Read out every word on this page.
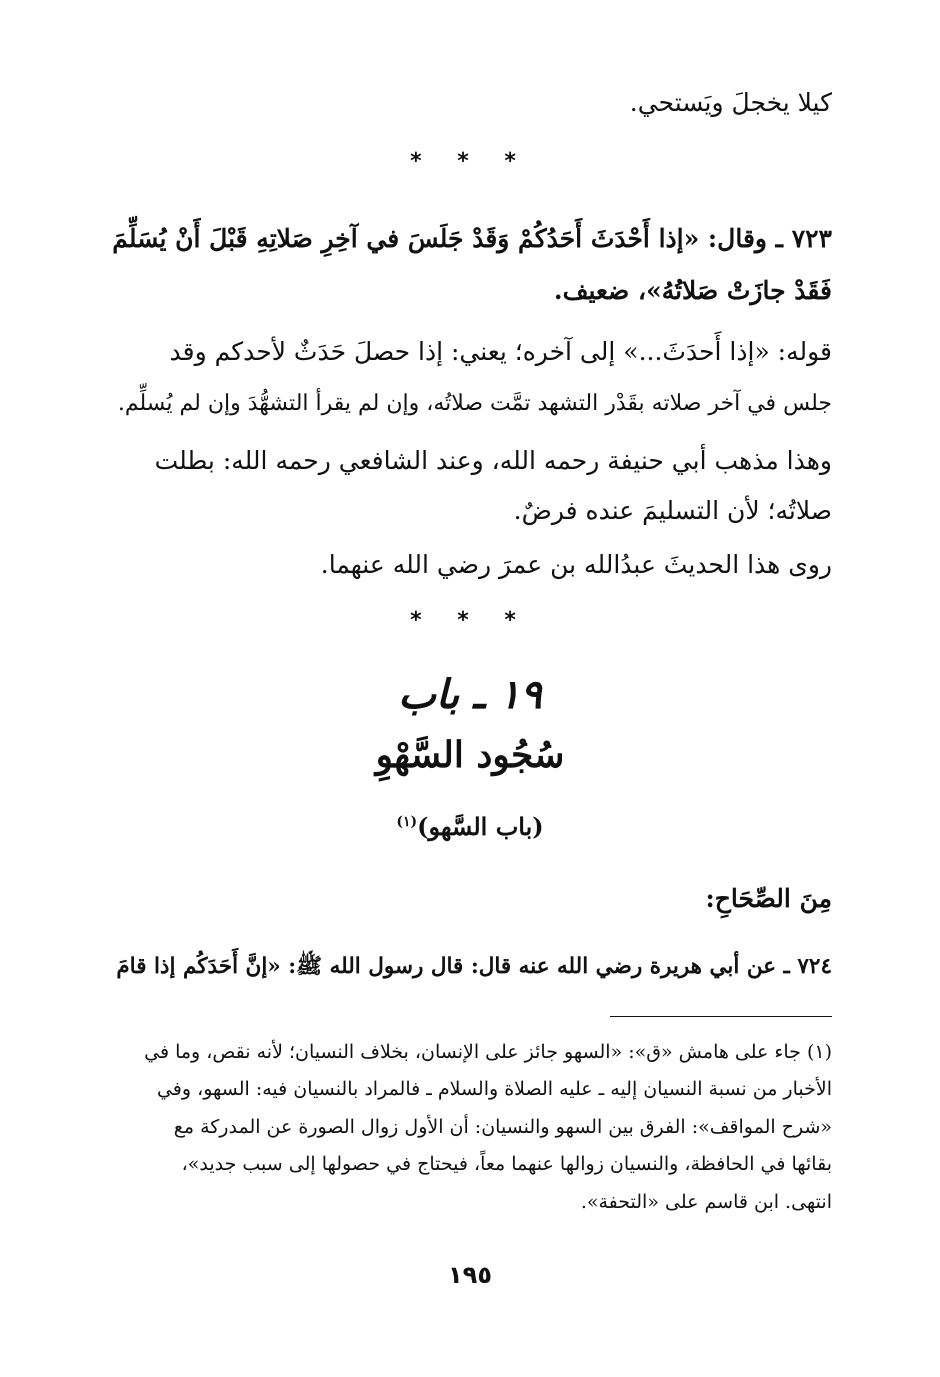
كيلا يخجلَ ويَستحي.
* * *
٧٢٣ ـ وقال: «إذا أَحْدَثَ أَحَدُكُمْ وَقَدْ جَلَسَ في آخِرِ صَلاتِهِ قَبْلَ أَنْ يُسَلِّمَ
فَقَدْ جازَتْ صَلاتُهُ»، ضعيف.
قوله: «إذا أَحدَثَ...» إلى آخره؛ يعني: إذا حصلَ حَدَثٌ لأحدكم وقد
جلس في آخر صلاته بقَدْر التشهد تمَّت صلاتُه، وإن لم يقرأ التشهُّدَ وإن لم يُسلِّم.
وهذا مذهب أبي حنيفة رحمه الله، وعند الشافعي رحمه الله: بطلت
صلاتُه؛ لأن التسليمَ عنده فرضٌ.
روى هذا الحديثَ عبدُالله بن عمرَ رضي الله عنهما.
* * *
١٩ ـ باب
سُجُود السَّهْوِ
(باب السَّهو)$^{(١)}$
مِنَ الصِّحَاحِ:
٧٢٤ ـ عن أبي هريرة رضي الله عنه قال: قال رسول الله ﷺ: «إنَّ أَحَدَكُم إذا قامَ
(١) جاء على هامش «ق»: «السهو جائز على الإنسان، بخلاف النسيان؛ لأنه نقص، وما في
الأخبار من نسبة النسيان إليه ـ عليه الصلاة والسلام ـ فالمراد بالنسيان فيه: السهو، وفي
«شرح المواقف»: الفرق بين السهو والنسيان: أن الأول زوال الصورة عن المدركة مع
بقائها في الحافظة، والنسيان زوالها عنهما معاً، فيحتاج في حصولها إلى سبب جديد»،
انتهى. ابن قاسم على «التحفة».
١٩٥
